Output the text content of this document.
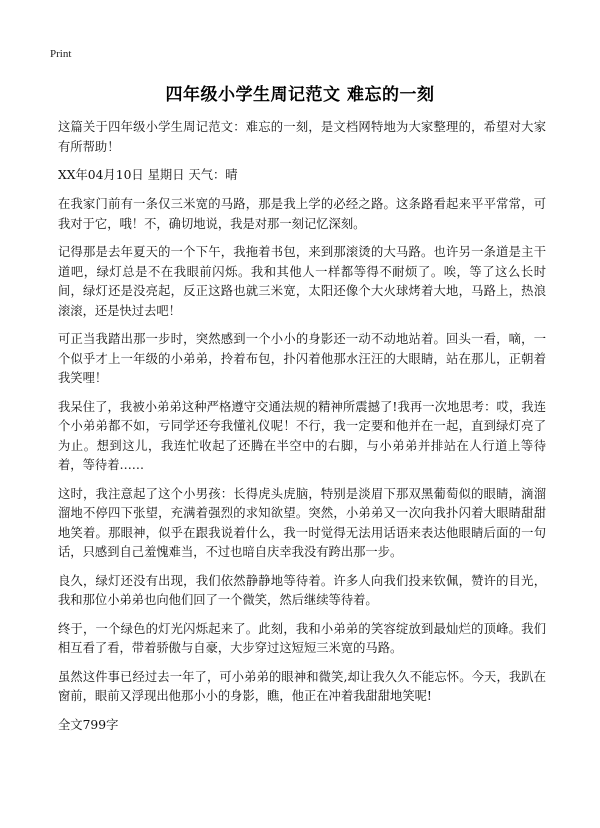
Print
四年级小学生周记范文 难忘的一刻

这篇关于四年级小学生周记范文：难忘的一刻，是文档网特地为大家整理的，希望对大家有所帮助！

XX年04月10日 星期日 天气：晴

在我家门前有一条仅三米宽的马路，那是我上学的必经之路。这条路看起来平平常常，可我对于它，哦！不，确切地说，我是对那一刻记忆深刻。

记得那是去年夏天的一个下午，我拖着书包，来到那滚烫的大马路。也许另一条道是主干道吧，绿灯总是不在我眼前闪烁。我和其他人一样都等得不耐烦了。唉，等了这么长时间，绿灯还是没亮起，反正这路也就三米宽，太阳还像个大火球烤着大地，马路上，热浪滚滚，还是快过去吧！

可正当我踏出那一步时，突然感到一个小小的身影还一动不动地站着。回头一看，嘀，一个似乎才上一年级的小弟弟，拎着布包，扑闪着他那水汪汪的大眼睛，站在那儿，正朝着我笑哩！

我呆住了，我被小弟弟这种严格遵守交通法规的精神所震撼了!我再一次地思考：哎，我连个小弟弟都不如，亏同学还夸我懂礼仪呢！不行，我一定要和他并在一起，直到绿灯亮了为止。想到这儿，我连忙收起了还腾在半空中的右脚，与小弟弟并排站在人行道上等待着，等待着……

这时，我注意起了这个小男孩：长得虎头虎脑，特别是淡眉下那双黑葡萄似的眼睛，滴溜溜地不停四下张望，充满着强烈的求知欲望。突然，小弟弟又一次向我扑闪着大眼睛甜甜地笑着。那眼神，似乎在跟我说着什么，我一时觉得无法用话语来表达他眼睛后面的一句话，只感到自己羞愧难当，不过也暗自庆幸我没有跨出那一步。

良久，绿灯还没有出现，我们依然静静地等待着。许多人向我们投来钦佩，赞许的目光，我和那位小弟弟也向他们回了一个微笑，然后继续等待着。

终于，一个绿色的灯光闪烁起来了。此刻，我和小弟弟的笑容绽放到最灿烂的顶峰。我们相互看了看，带着骄傲与自豪，大步穿过这短短三米宽的马路。

虽然这件事已经过去一年了，可小弟弟的眼神和微笑,却让我久久不能忘怀。今天，我趴在窗前，眼前又浮现出他那小小的身影，瞧，他正在冲着我甜甜地笑呢!

全文799字
